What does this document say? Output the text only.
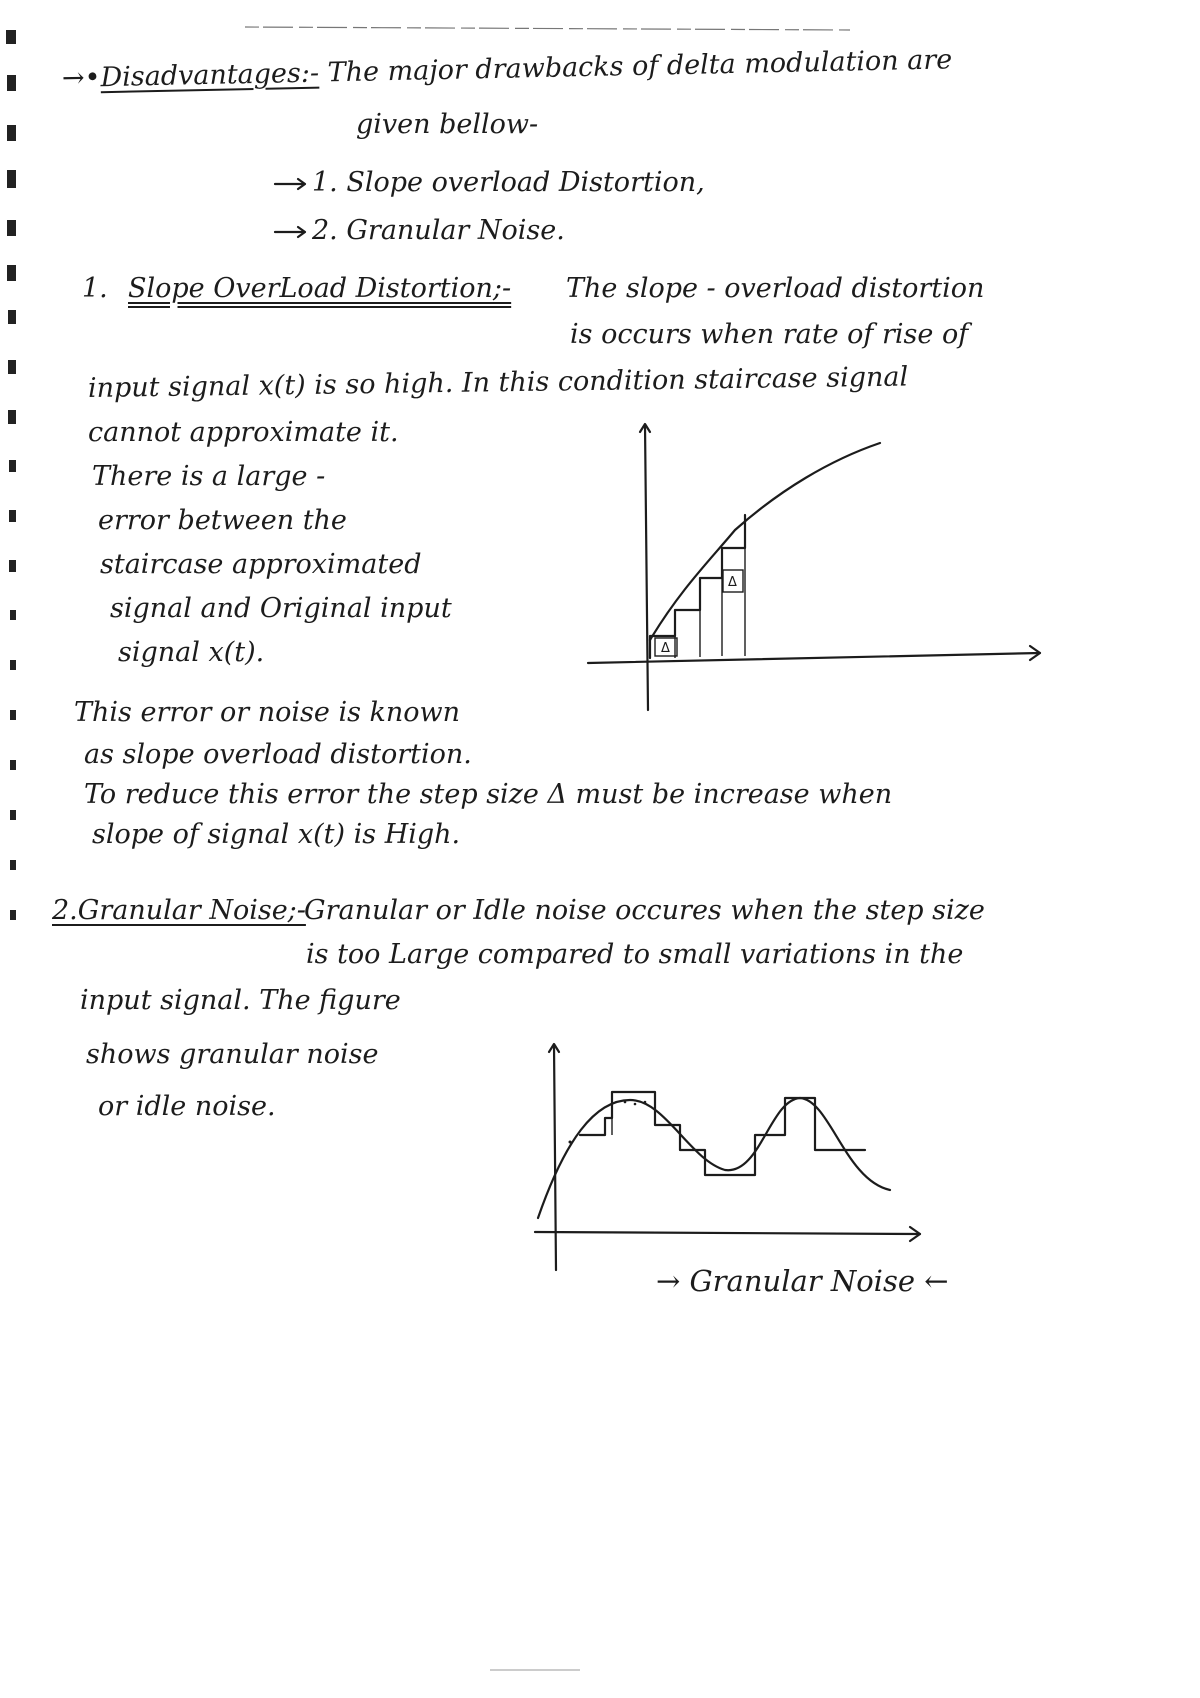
Δ
Δ
→•Disadvantages:- The major drawbacks of delta modulation are
given bellow-
1. Slope overload Distortion,
2. Granular Noise.
1. Slope OverLoad Distortion;- The slope - overload distortion
is occurs when rate of rise of
input signal x(t) is so high. In this condition staircase signal
cannot approximate it.
There is a large -
error between the
staircase approximated
signal and Original input
signal x(t).
This error or noise is known
as slope overload distortion.
To reduce this error the step size Δ must be increase when
slope of signal x(t) is High.
2.Granular Noise;-
Granular or Idle noise occures when the step size
is too Large compared to small variations in the
input signal. The figure
shows granular noise
or idle noise.
→ Granular Noise ←
